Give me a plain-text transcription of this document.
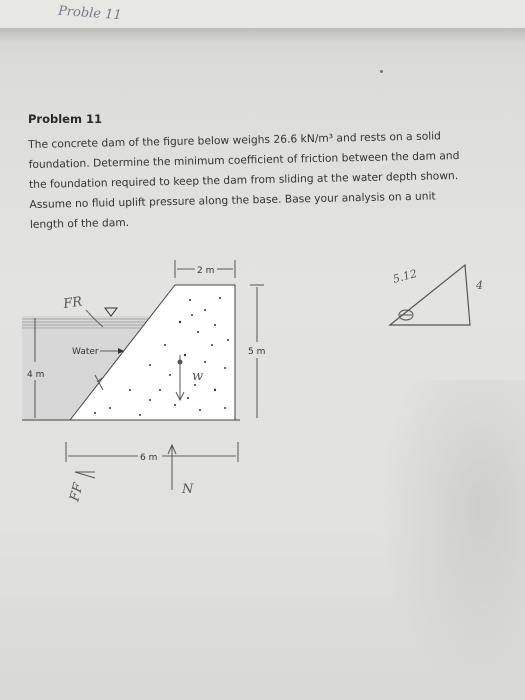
Proble 11
Problem 11
The concrete dam of the figure below weighs 26.6 kN/m³ and rests on a solid
foundation. Determine the minimum coefficient of friction between the dam and
the foundation required to keep the dam from sliding at the water depth shown.
Assume no fluid uplift pressure along the base. Base your analysis on a unit
length of the dam.
2 m
5 m
4 m
6 m
Water
FR
w
N
FF
5.12	4
